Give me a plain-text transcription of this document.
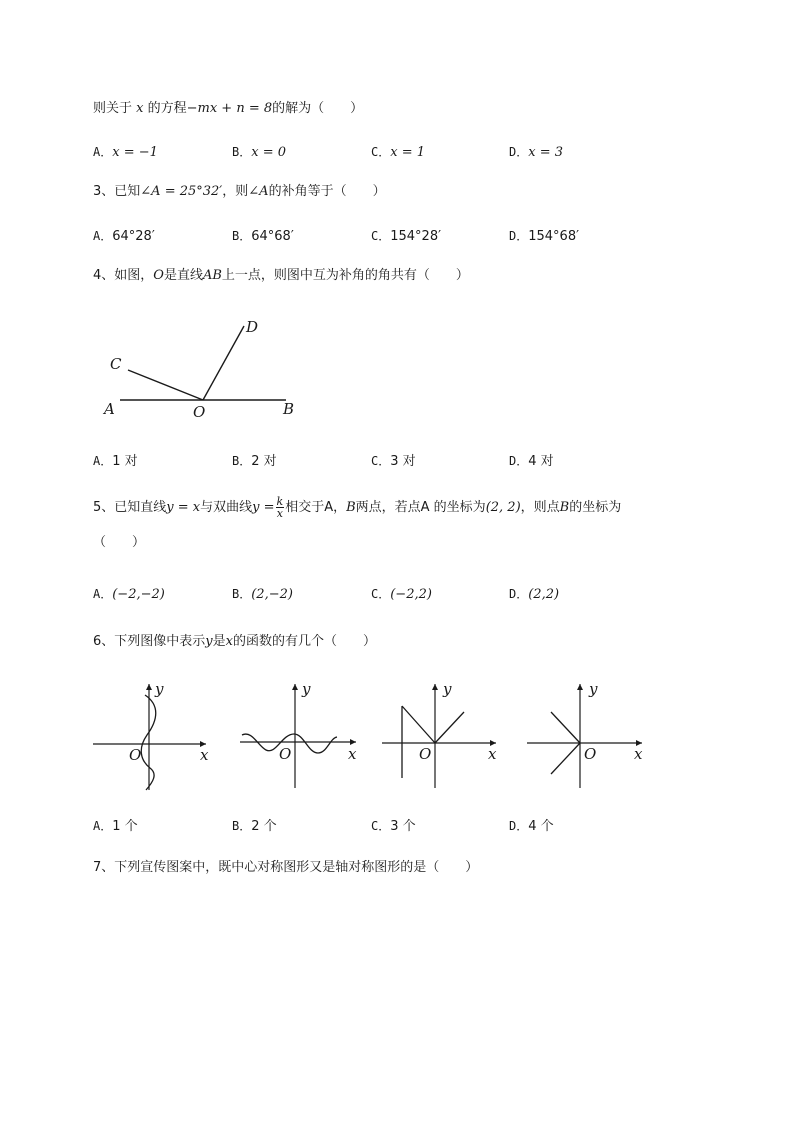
则关于 x 的方程−mx + n = 8的解为（　　）
A．x = −1	B．x = 0	C．x = 1	D．x = 3
3、已知∠A = 25°32′，则∠A的补角等于（　　）
A．64°28′	B．64°68′	C．154°28′	D．154°68′
4、如图，O是直线AB上一点，则图中互为补角的角共有（　　）
A	O	B
C
D
A．1 对	B．2 对	C．3 对	D．4 对
5、已知直线y = x与双曲线$y = \frac{k}{x}$ 相交于A，B两点，若点A 的坐标为(2, 2)，则点B的坐标为
（　　）
A．(−2,−2)	B．(2,−2)	C．(−2,2)	D．(2,2)
6、下列图像中表示y是x的函数的有几个（　　）
y
x
O
y
x
O
y
x
O
y
x
O
A．1 个	B．2 个	C．3 个	D．4 个
7、下列宣传图案中，既中心对称图形又是轴对称图形的是（　　）
